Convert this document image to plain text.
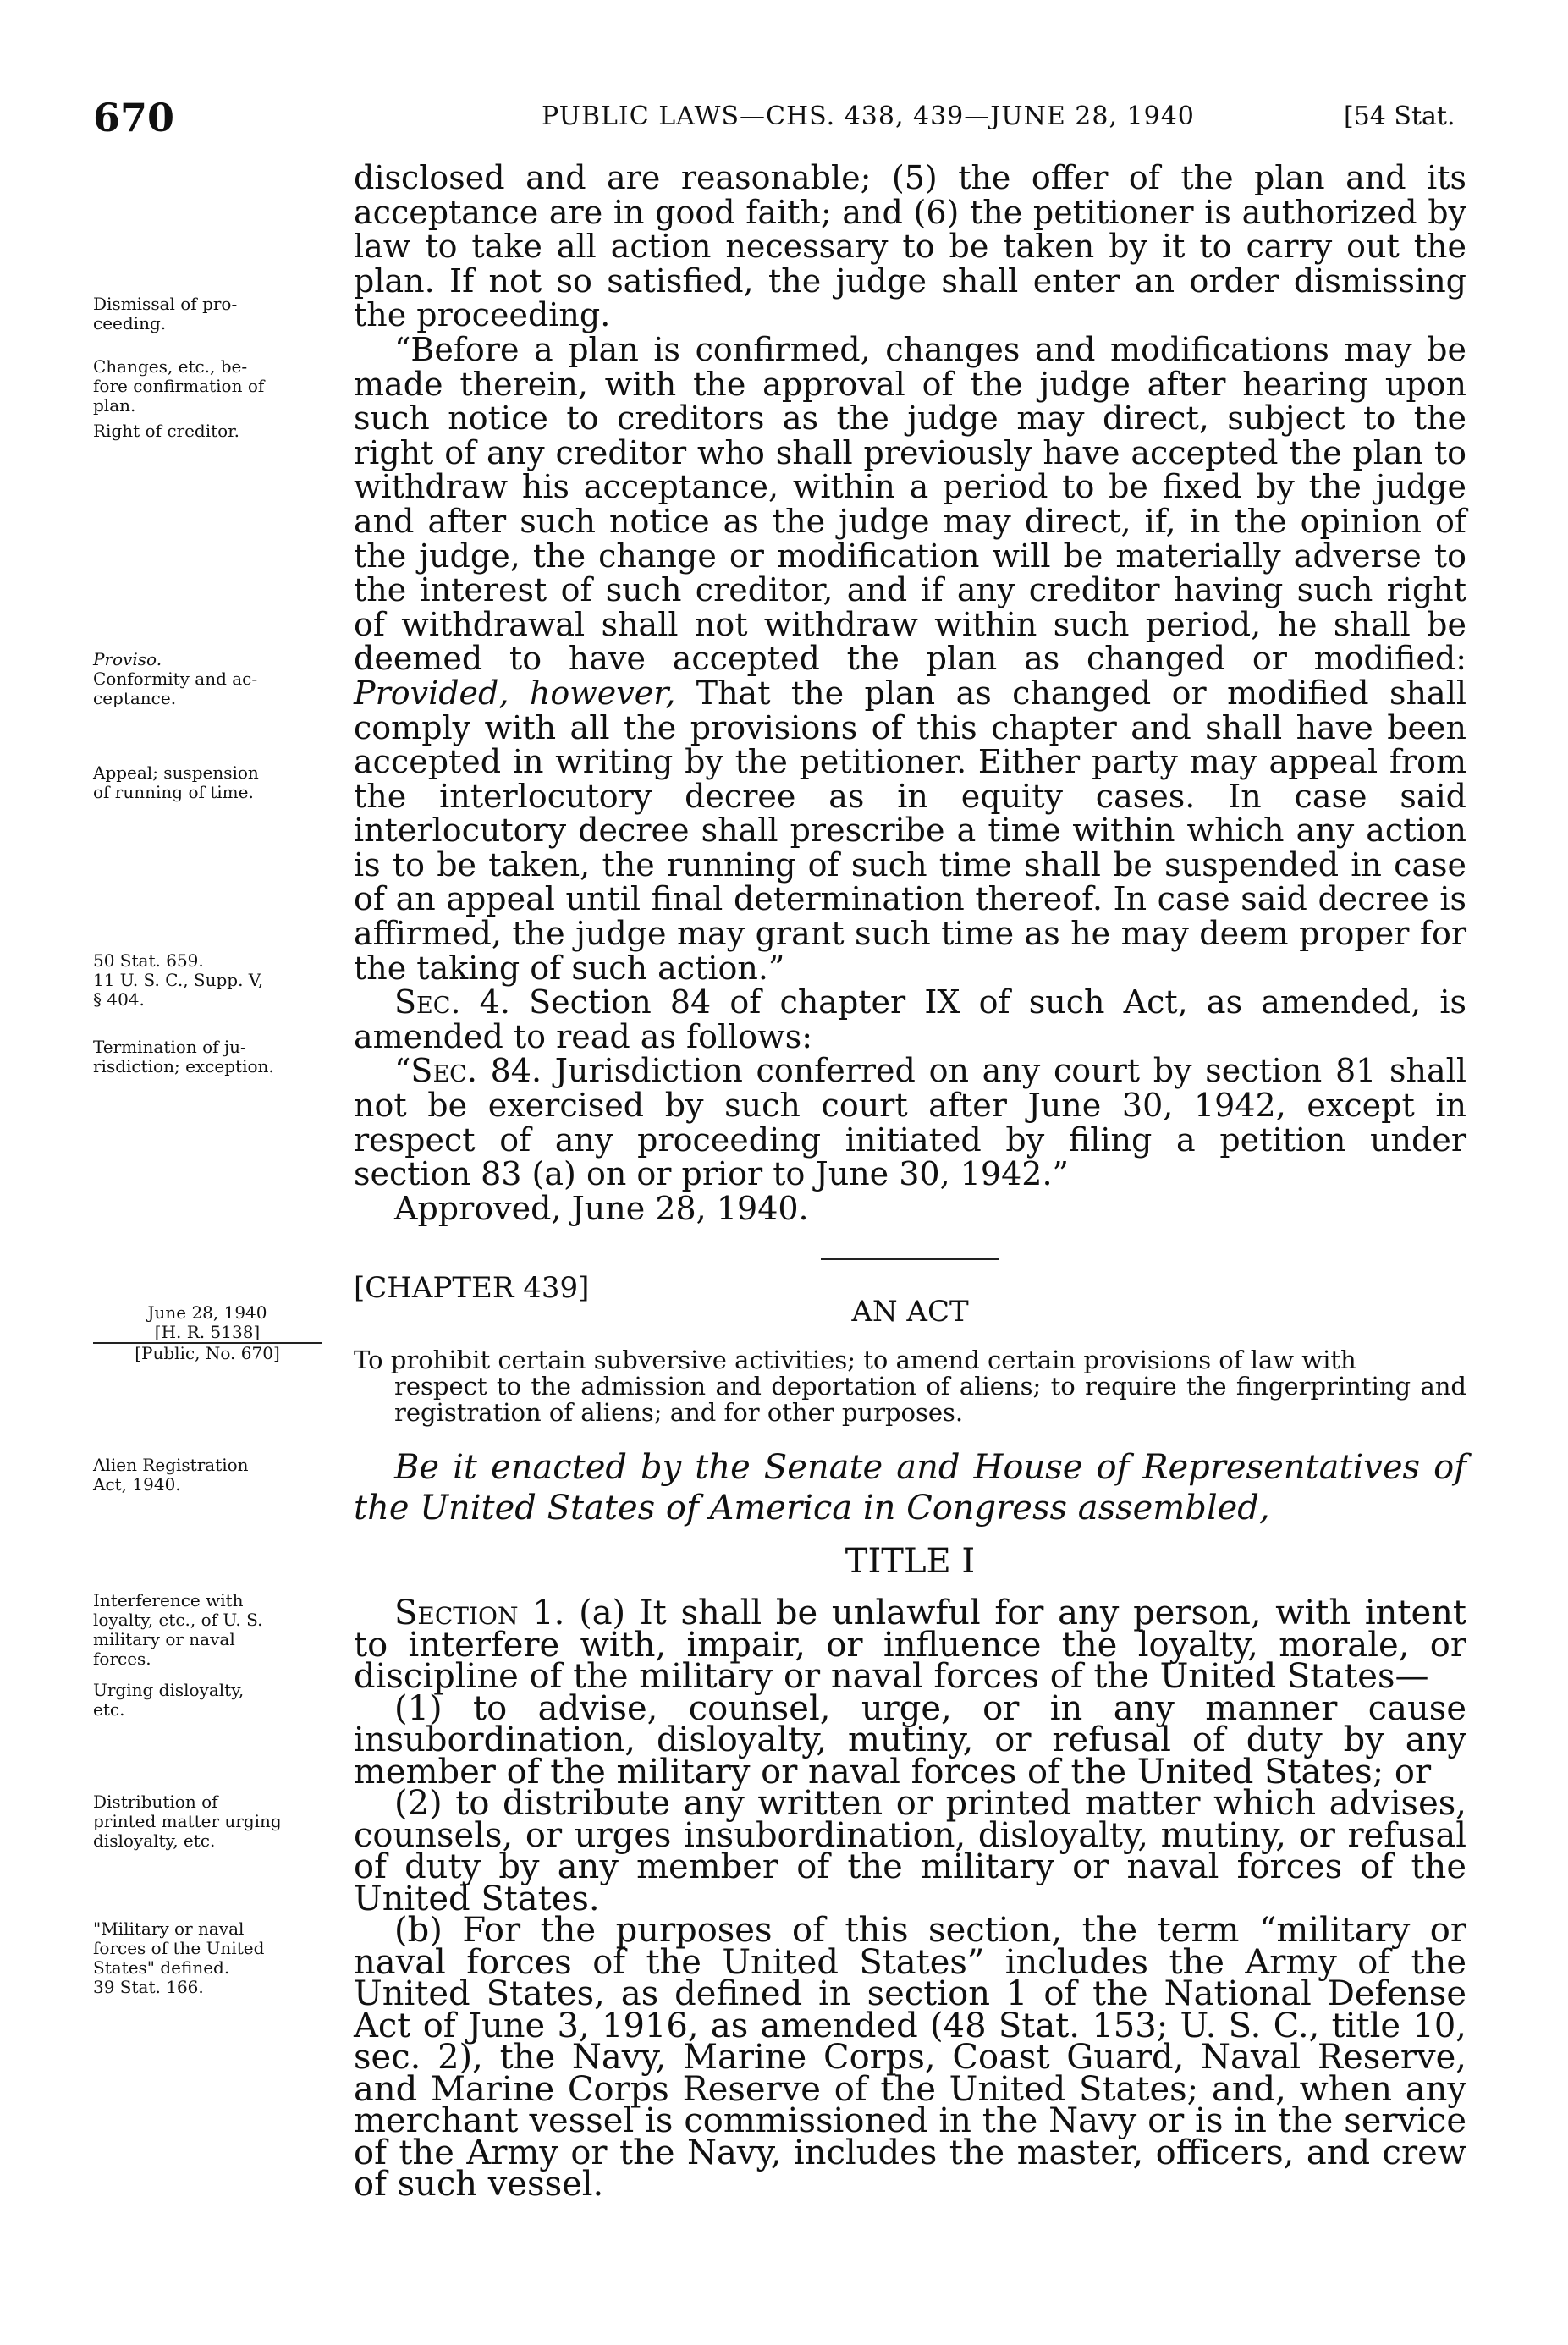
670	PUBLIC LAWS—CHS. 438, 439—JUNE 28, 1940	[54 Stat.
Dismissal of pro-
ceeding.
Changes, etc., be-
fore confirmation of
plan.
Right of creditor.
Proviso.
Conformity and ac-
ceptance.
Appeal; suspension
of running of time.
50 Stat. 659.
11 U. S. C., Supp. V,
§ 404.
Termination of ju-
risdiction; exception.
June 28, 1940
[H. R. 5138]
[Public, No. 670]
Alien Registration
Act, 1940.
Interference with
loyalty, etc., of U. S.
military or naval
forces.
Urging disloyalty,
etc.
Distribution of
printed matter urging
disloyalty, etc.
"Military or naval
forces of the United
States" defined.
39 Stat. 166.

disclosed and are reasonable; (5) the offer of the plan and its acceptance are in good faith; and (6) the petitioner is authorized by law to take all action necessary to be taken by it to carry out the plan. If not so satisfied, the judge shall enter an order dismissing the proceeding.

“Before a plan is confirmed, changes and modifications may be made therein, with the approval of the judge after hearing upon such notice to creditors as the judge may direct, subject to the right of any creditor who shall previously have accepted the plan to withdraw his acceptance, within a period to be fixed by the judge and after such notice as the judge may direct, if, in the opinion of the judge, the change or modification will be materially adverse to the interest of such creditor, and if any creditor having such right of withdrawal shall not withdraw within such period, he shall be deemed to have accepted the plan as changed or modified: Provided, however, That the plan as changed or modified shall comply with all the provisions of this chapter and shall have been accepted in writing by the petitioner. Either party may appeal from the interlocutory decree as in equity cases. In case said interlocutory decree shall prescribe a time within which any action is to be taken, the running of such time shall be suspended in case of an appeal until final determination thereof. In case said decree is affirmed, the judge may grant such time as he may deem proper for the taking of such action.”

Sec. 4. Section 84 of chapter IX of such Act, as amended, is amended to read as follows:

“Sec. 84. Jurisdiction conferred on any court by section 81 shall not be exercised by such court after June 30, 1942, except in respect of any proceeding initiated by filing a petition under section 83 (a) on or prior to June 30, 1942.”

Approved, June 28, 1940.

[CHAPTER 439]
AN ACT
To prohibit certain subversive activities; to amend certain provisions of law with
respect to the admission and deportation of aliens; to require the fingerprinting and registration of aliens; and for other purposes.
Be it enacted by the Senate and House of Representatives of the United States of America in Congress assembled,
TITLE I

Section 1. (a) It shall be unlawful for any person, with intent to interfere with, impair, or influence the loyalty, morale, or discipline of the military or naval forces of the United States—

(1) to advise, counsel, urge, or in any manner cause insubordination, disloyalty, mutiny, or refusal of duty by any member of the military or naval forces of the United States; or

(2) to distribute any written or printed matter which advises, counsels, or urges insubordination, disloyalty, mutiny, or refusal of duty by any member of the military or naval forces of the United States.

(b) For the purposes of this section, the term “military or naval forces of the United States” includes the Army of the United States, as defined in section 1 of the National Defense Act of June 3, 1916, as amended (48 Stat. 153; U. S. C., title 10, sec. 2), the Navy, Marine Corps, Coast Guard, Naval Reserve, and Marine Corps Reserve of the United States; and, when any merchant vessel is commissioned in the Navy or is in the service of the Army or the Navy, includes the master, officers, and crew of such vessel.
